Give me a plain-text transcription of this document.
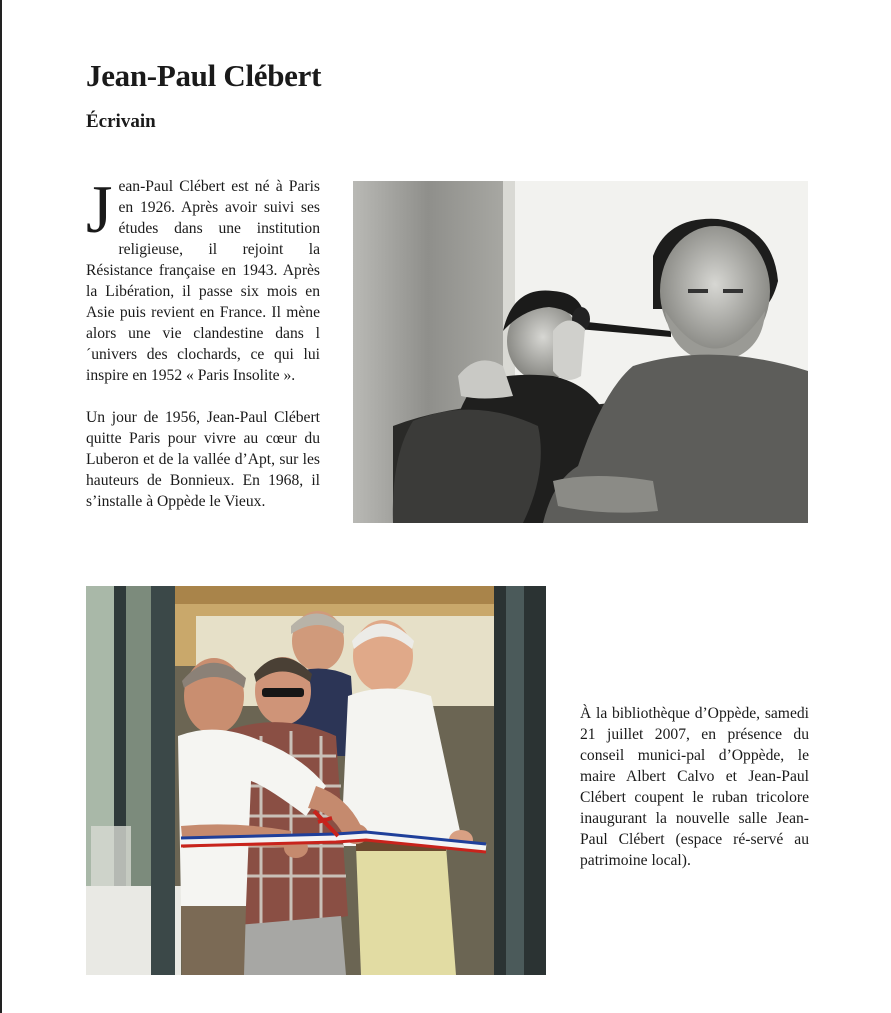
Jean-Paul Clébert
Écrivain

Jean-Paul Clébert est né à Paris en 1926. Après avoir suivi ses études dans une institution religieuse, il rejoint la Résistance française en 1943. Après la Libération, il passe six mois en Asie puis revient en France. Il mène alors une vie clandestine dans l´univers des clochards, ce qui lui inspire en 1952 « Paris Insolite ».

Un jour de 1956, Jean-Paul Clébert quitte Paris pour vivre au cœur du Luberon et de la vallée d’Apt, sur les hauteurs de Bonnieux. En 1968, il s’installe à Oppède le Vieux.

À la bibliothèque d’Oppède, samedi 21 juillet 2007, en présence du conseil munici-pal d’Oppède, le maire Albert Calvo et Jean-Paul Clébert coupent le ruban tricolore inaugurant la nouvelle salle Jean-Paul Clébert (espace ré-servé au patrimoine local).
